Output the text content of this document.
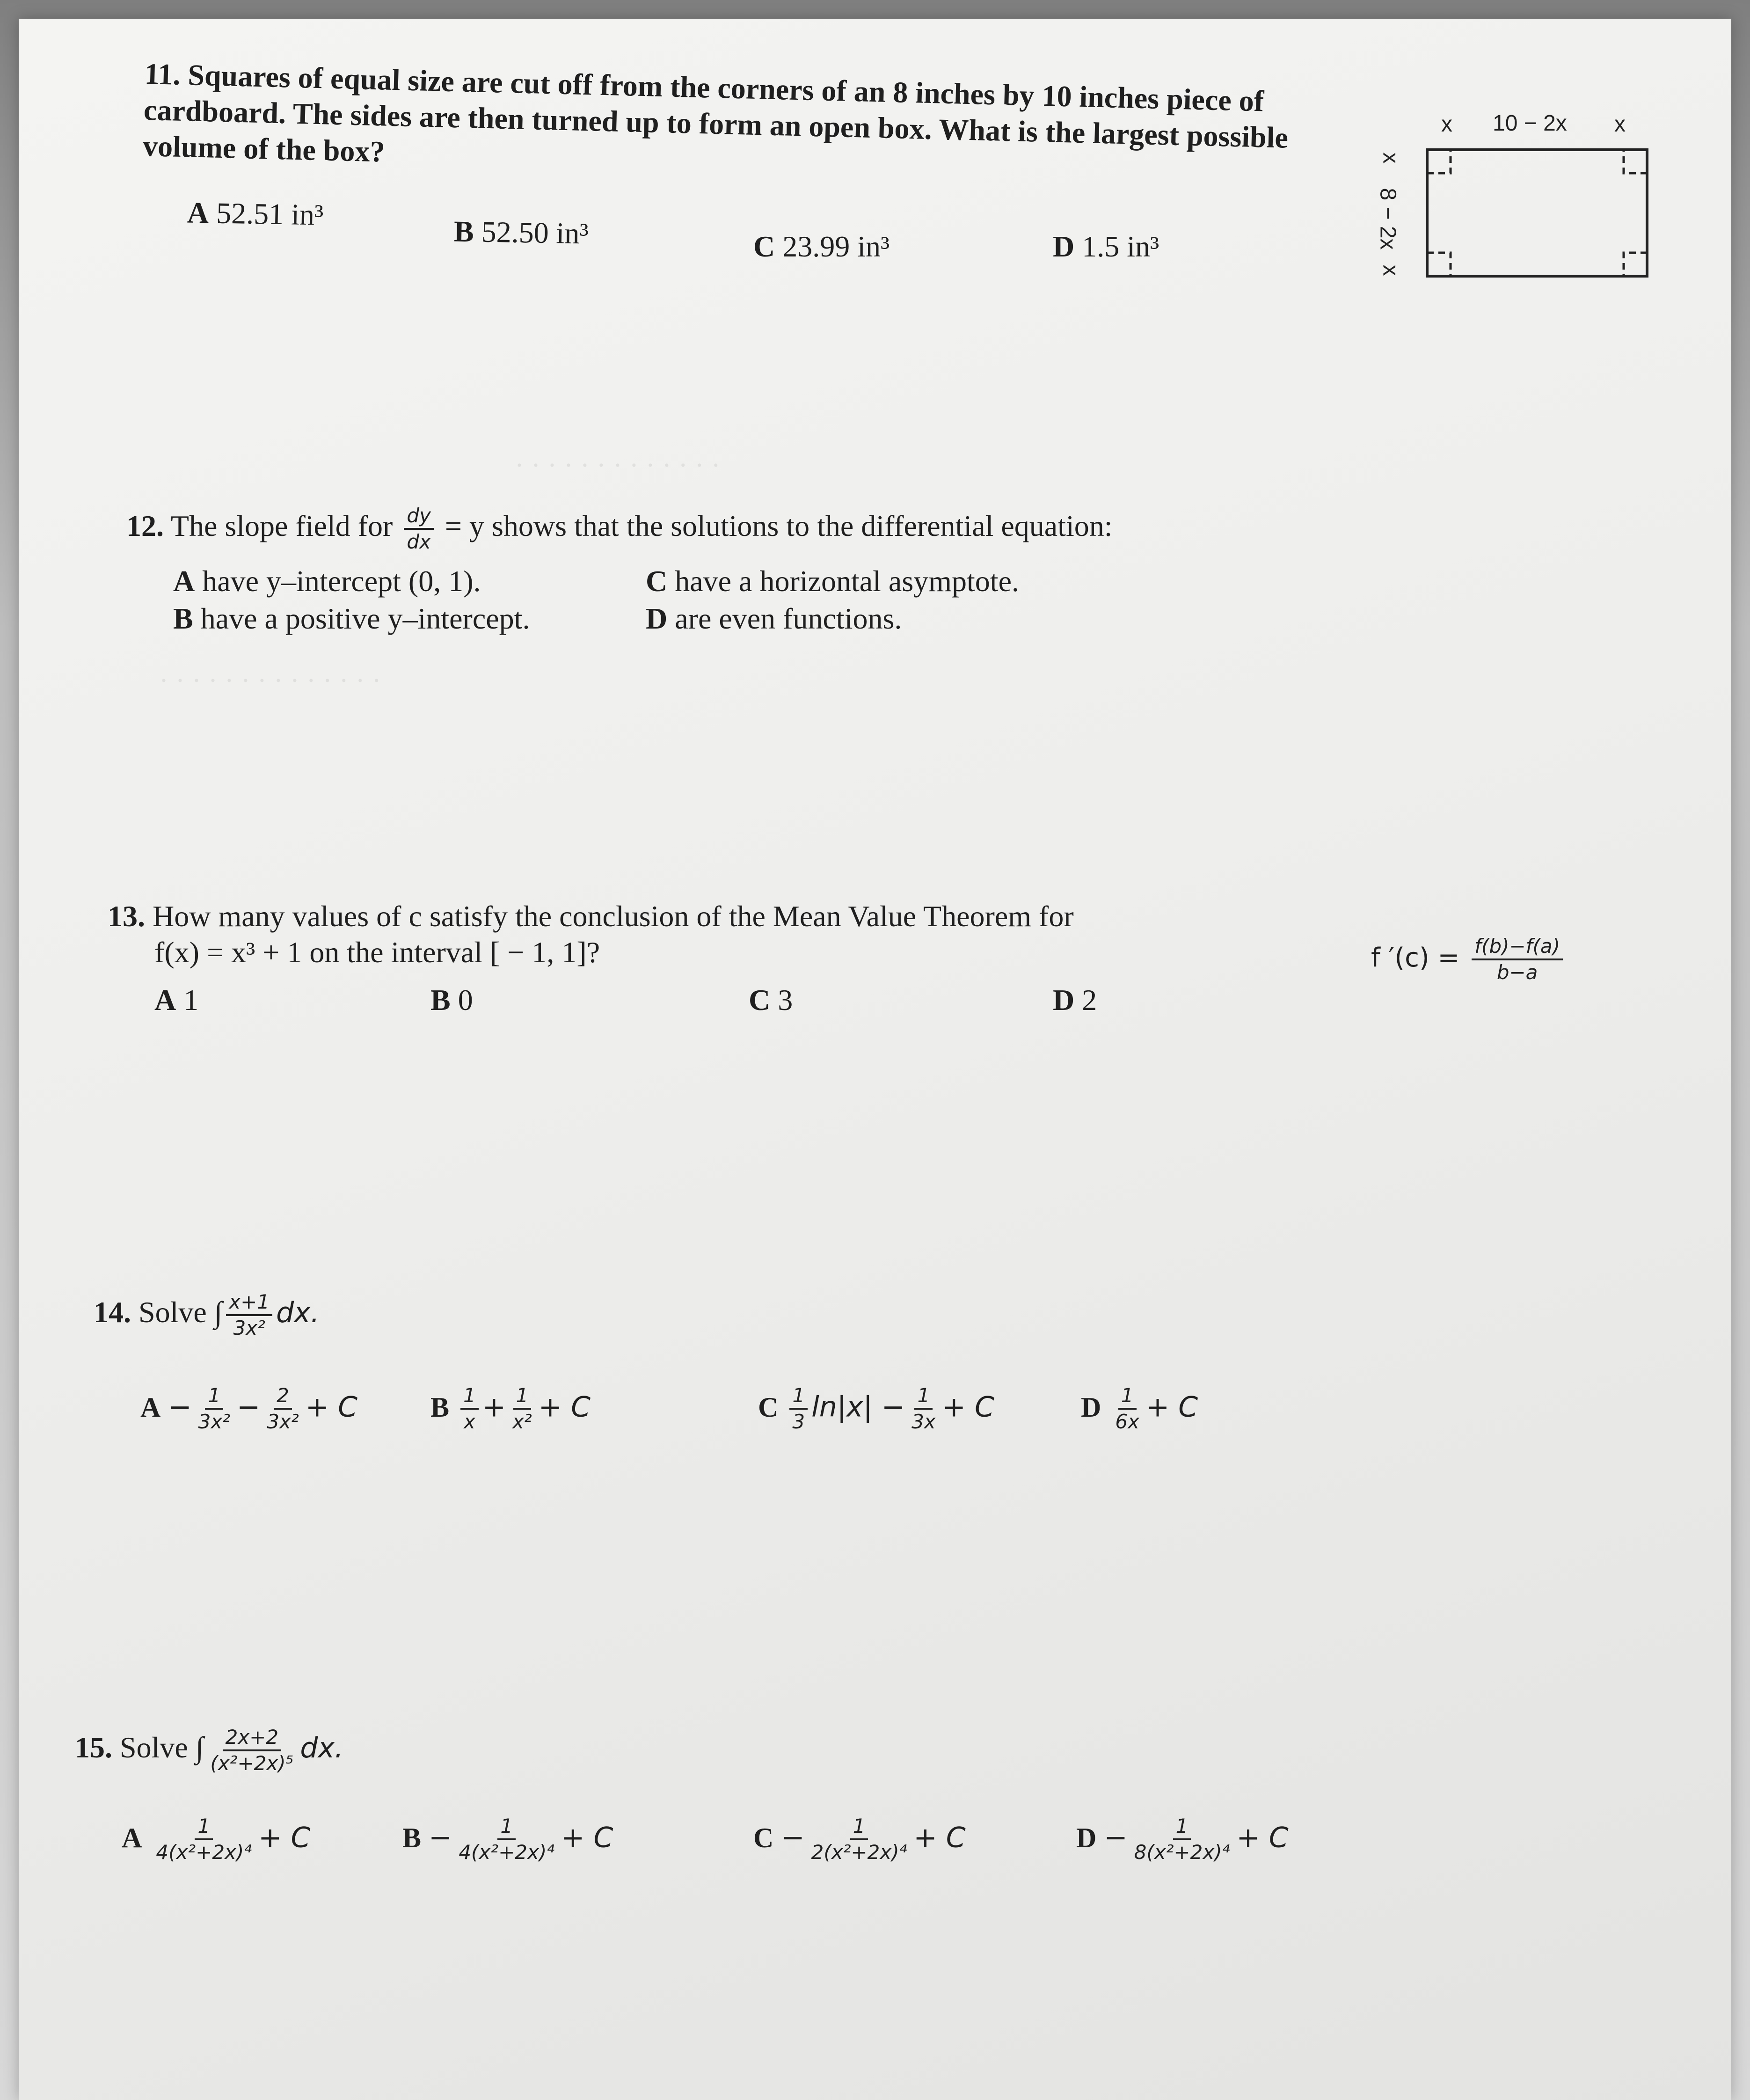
· · · · · · · · · · · · ·
· · · · · · · · · · · · · ·
11. Squares of equal size are cut off from the corners of an 8 inches by 10 inches piece of cardboard. The sides are then turned up to form an open box. What is the largest possible volume of the box?
A 52.51 in³	B 52.50 in³	C 23.99 in³	D 1.5 in³
x 10 − 2x x
x
8 − 2x
x
12. The slope field for $\frac{dy}{dx} = y$ shows that the solutions to the differential equation:
A have y–intercept (0, 1).
B have a positive y–intercept.
C have a horizontal asymptote.
D are even functions.
13. How many values of c satisfy the conclusion of the Mean Value Theorem for
f(x) = x³ + 1 on the interval [ − 1, 1]?
A 1	B 0	C 3	D 2
f $'(c) = \frac{f(b)-f(a)}{b-a}$
14. Solve ∫ $\frac{x+1}{\text{3x²}}$ dx.
$A - \frac{1}{\text{3x²}} - \frac{2}{\text{3x²}} + C$	B $\frac{1}{x} + \frac{1}{\text{x²}} + C$	C $\frac{1}{3} \ln|x| - \frac{1}{3x} + C$	D $\frac{1}{6x} + C$
15. Solve ∫ $\frac{2x+2}{\text{(x²+2x)⁵}}$ dx.
A $\frac{1}{\text{4(x²+2x)⁴}} + C$	$B - \frac{1}{\text{4(x²+2x)⁴}} + C$	$C - \frac{1}{\text{2(x²+2x)⁴}} + C$	$D - \frac{1}{\text{8(x²+2x)⁴}} + C$
